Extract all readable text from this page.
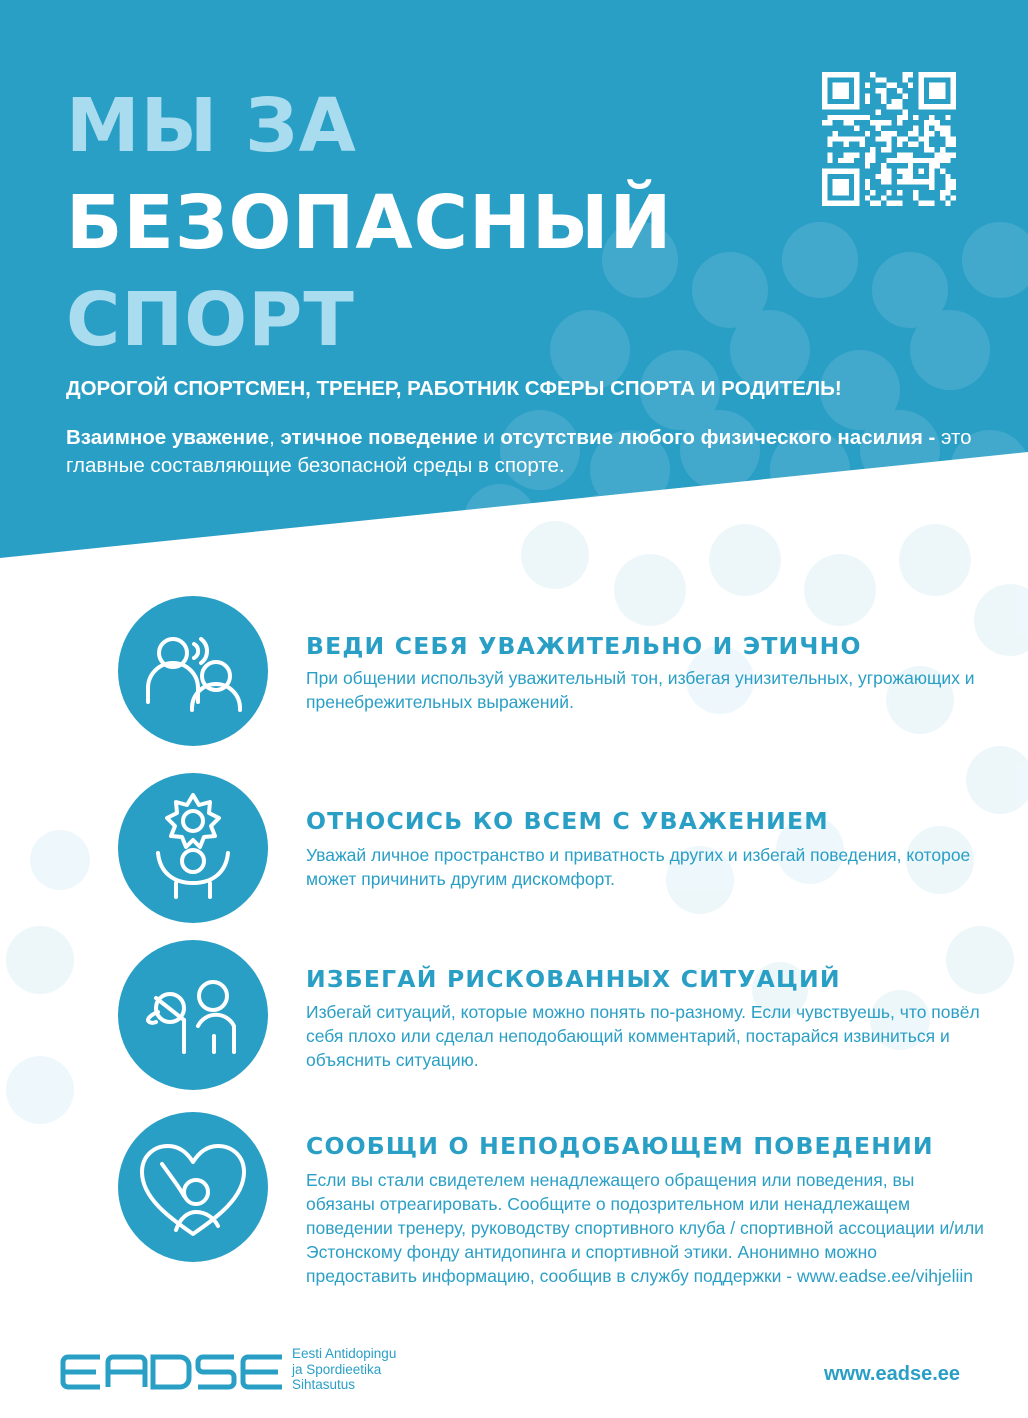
МЫ ЗА
БЕЗОПАСНЫЙ
СПОРТ
ДОРОГОЙ СПОРТСМЕН, ТРЕНЕР, РАБОТНИК СФЕРЫ СПОРТА И РОДИТЕЛЬ!
Взаимное уважение, этичное поведение и отсутствие любого физического насилия - это главные составляющие безопасной среды в спорте.
ВЕДИ СЕБЯ УВАЖИТЕЛЬНО И ЭТИЧНО
При общении используй уважительный тон, избегая унизительных, угрожающих и пренебрежительных выражений.
ОТНОСИСЬ КО ВСЕМ С УВАЖЕНИЕМ
Уважай личное пространство и приватность других и избегай поведения, которое может причинить другим дискомфорт.
ИЗБЕГАЙ РИСКОВАННЫХ СИТУАЦИЙ
Избегай ситуаций, которые можно понять по-разному. Если чувствуешь, что повёл себя плохо или сделал неподобающий комментарий, постарайся извиниться и объяснить ситуацию.
СООБЩИ О НЕПОДОБАЮЩЕМ ПОВЕДЕНИИ
Если вы стали свидетелем ненадлежащего обращения или поведения, вы обязаны отреагировать. Сообщите о подозрительном или ненадлежащем поведении тренеру, руководству спортивного клуба / спортивной ассоциации и/или Эстонскому фонду антидопинга и спортивной этики. Анонимно можно предоставить информацию, сообщив в службу поддержки - www.eadse.ee/vihjeliin
Eesti Antidopingu
ja Spordieetika
Sihtasutus	www.eadse.ee
